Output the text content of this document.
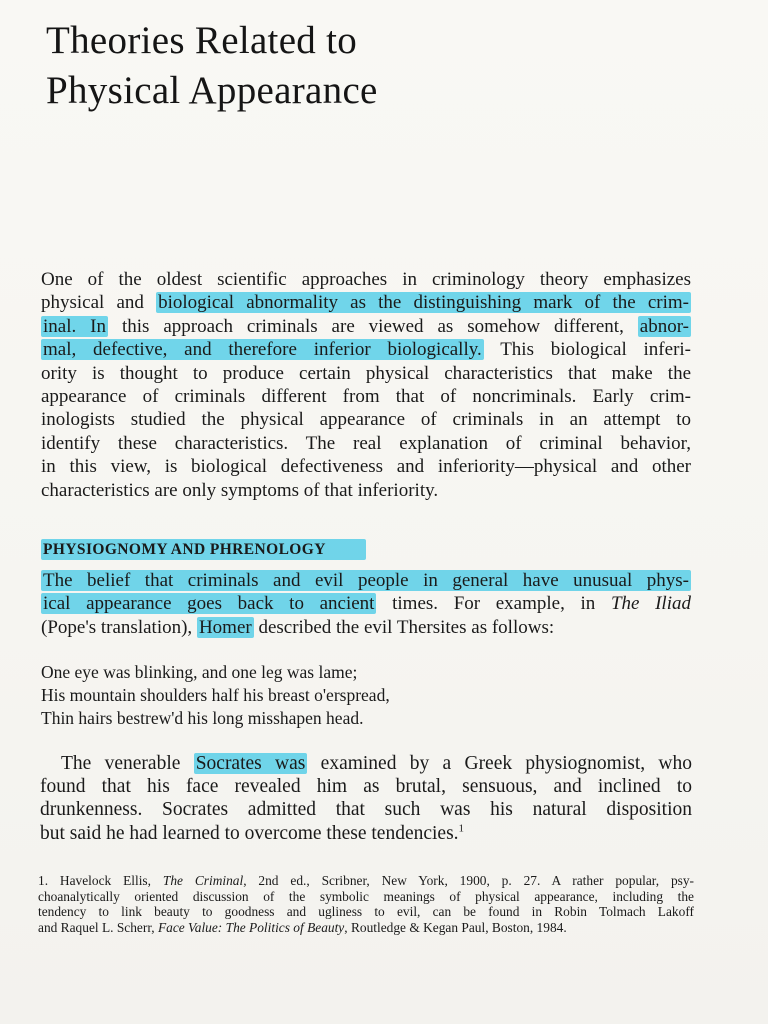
Theories Related to
Physical Appearance
One of the oldest scientific approaches in criminology theory emphasizes
physical and biological abnormality as the distinguishing mark of the crim-
inal. In this approach criminals are viewed as somehow different, abnor-
mal, defective, and therefore inferior biologically. This biological inferi-
ority is thought to produce certain physical characteristics that make the
appearance of criminals different from that of noncriminals. Early crim-
inologists studied the physical appearance of criminals in an attempt to
identify these characteristics. The real explanation of criminal behavior,
in this view, is biological defectiveness and inferiority—physical and other
characteristics are only symptoms of that inferiority.
PHYSIOGNOMY AND PHRENOLOGY
The belief that criminals and evil people in general have unusual phys-
ical appearance goes back to ancient times. For example, in The Iliad
(Pope's translation), Homer described the evil Thersites as follows:
One eye was blinking, and one leg was lame;
His mountain shoulders half his breast o'erspread,
Thin hairs bestrew'd his long misshapen head.
The venerable Socrates was examined by a Greek physiognomist, who
found that his face revealed him as brutal, sensuous, and inclined to
drunkenness. Socrates admitted that such was his natural disposition
but said he had learned to overcome these tendencies.$^1$
1. Havelock Ellis, The Criminal, 2nd ed., Scribner, New York, 1900, p. 27. A rather popular, psy-
choanalytically oriented discussion of the symbolic meanings of physical appearance, including the
tendency to link beauty to goodness and ugliness to evil, can be found in Robin Tolmach Lakoff
and Raquel L. Scherr, Face Value: The Politics of Beauty, Routledge & Kegan Paul, Boston, 1984.
